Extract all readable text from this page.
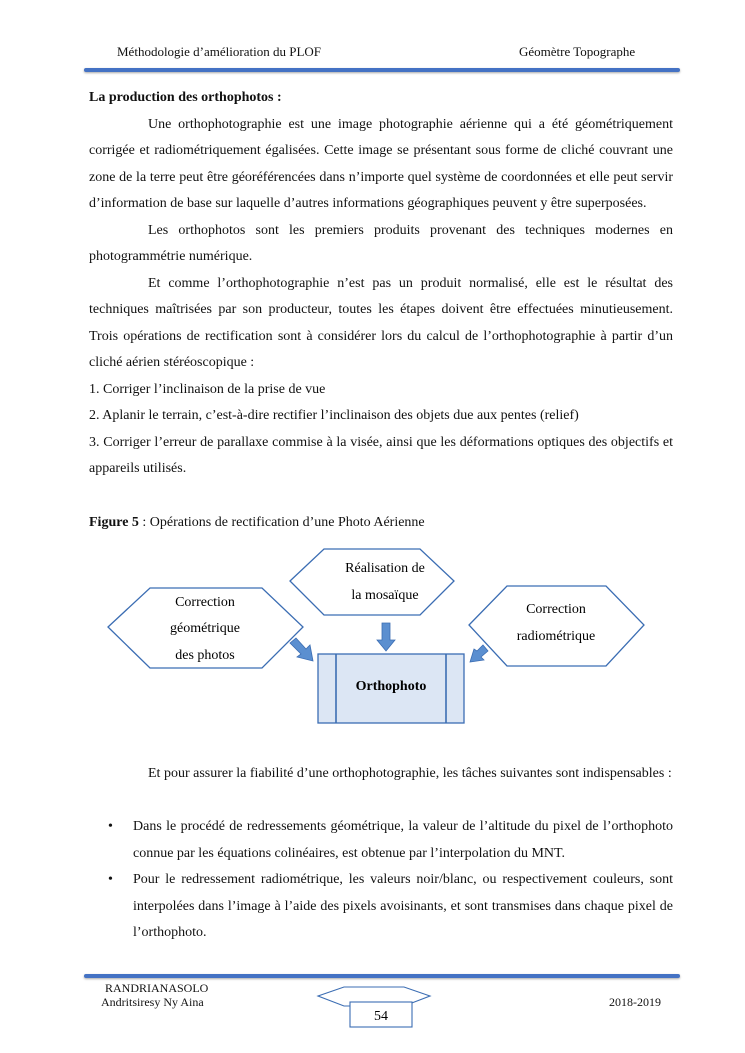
Méthodologie d’amélioration du PLOF	Géomètre Topographe

La production des orthophotos :

Une orthophotographie est une image photographie aérienne qui a été géométriquement corrigée et radiométriquement égalisées. Cette image se présentant sous forme de cliché couvrant une zone de la terre peut être géoréférencées dans n’importe quel système de coordonnées et elle peut servir d’information de base sur laquelle d’autres informations géographiques peuvent y être superposées.

Les orthophotos sont les premiers produits provenant des techniques modernes en photogrammétrie numérique.

Et comme l’orthophotographie n’est pas un produit normalisé, elle est le résultat des techniques maîtrisées par son producteur, toutes les étapes doivent être effectuées minutieusement. Trois opérations de rectification sont à considérer lors du calcul de l’orthophotographie à partir d’un cliché aérien stéréoscopique :

1. Corriger l’inclinaison de la prise de vue

2. Aplanir le terrain, c’est-à-dire rectifier l’inclinaison des objets due aux pentes (relief)

3. Corriger l’erreur de parallaxe commise à la visée, ainsi que les déformations optiques des objectifs et appareils utilisés.

Figure 5 : Opérations de rectification d’une Photo Aérienne
Réalisation de
la mosaïque
Correction
géométrique
des photos
Correction
radiométrique
Orthophoto

Et pour assurer la fiabilité d’une orthophotographie, les tâches suivantes sont indispensables :

• Dans le procédé de redressements géométrique, la valeur de l’altitude du pixel de l’orthophoto connue par les équations colinéaires, est obtenue par l’interpolation du MNT.

• Pour le redressement radiométrique, les valeurs noir/blanc, ou respectivement couleurs, sont interpolées dans l’image à l’aide des pixels avoisinants, et sont transmises dans chaque pixel de l’orthophoto.

RANDRIANASOLO
Andritsiresy Ny Aina	2018-2019
54
